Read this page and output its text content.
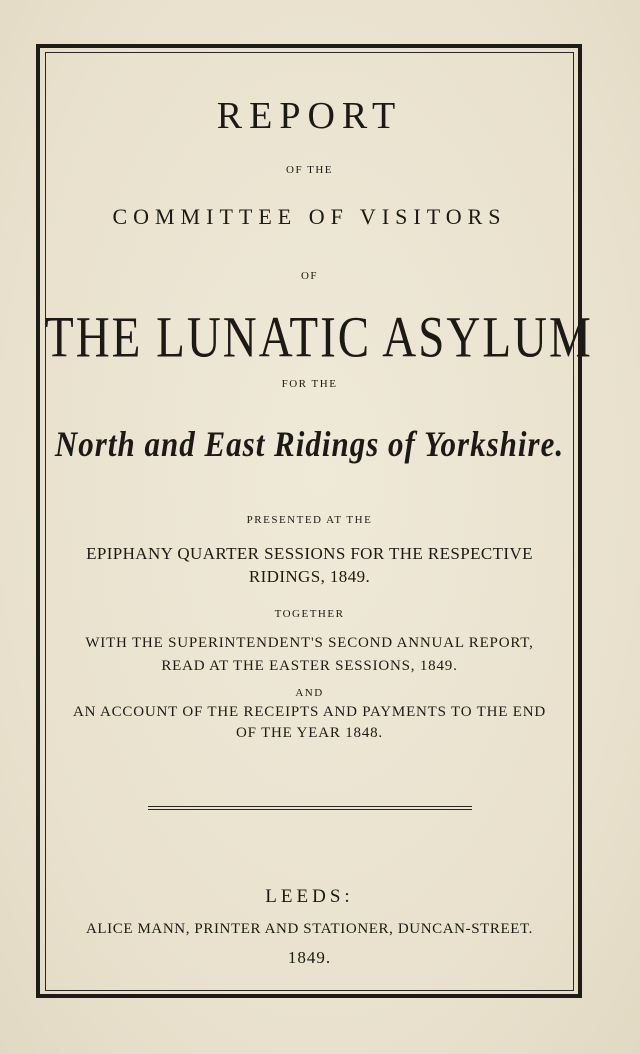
REPORT
OF THE
COMMITTEE OF VISITORS
OF
THE LUNATIC ASYLUM
FOR THE
North and East Ridings of Yorkshire.
PRESENTED AT THE
EPIPHANY QUARTER SESSIONS FOR THE RESPECTIVE
RIDINGS, 1849.
TOGETHER
WITH THE SUPERINTENDENT'S SECOND ANNUAL REPORT,
READ AT THE EASTER SESSIONS, 1849.
AND
AN ACCOUNT OF THE RECEIPTS AND PAYMENTS TO THE END
OF THE YEAR 1848.
LEEDS:
ALICE MANN, PRINTER AND STATIONER, DUNCAN-STREET.
1849.
